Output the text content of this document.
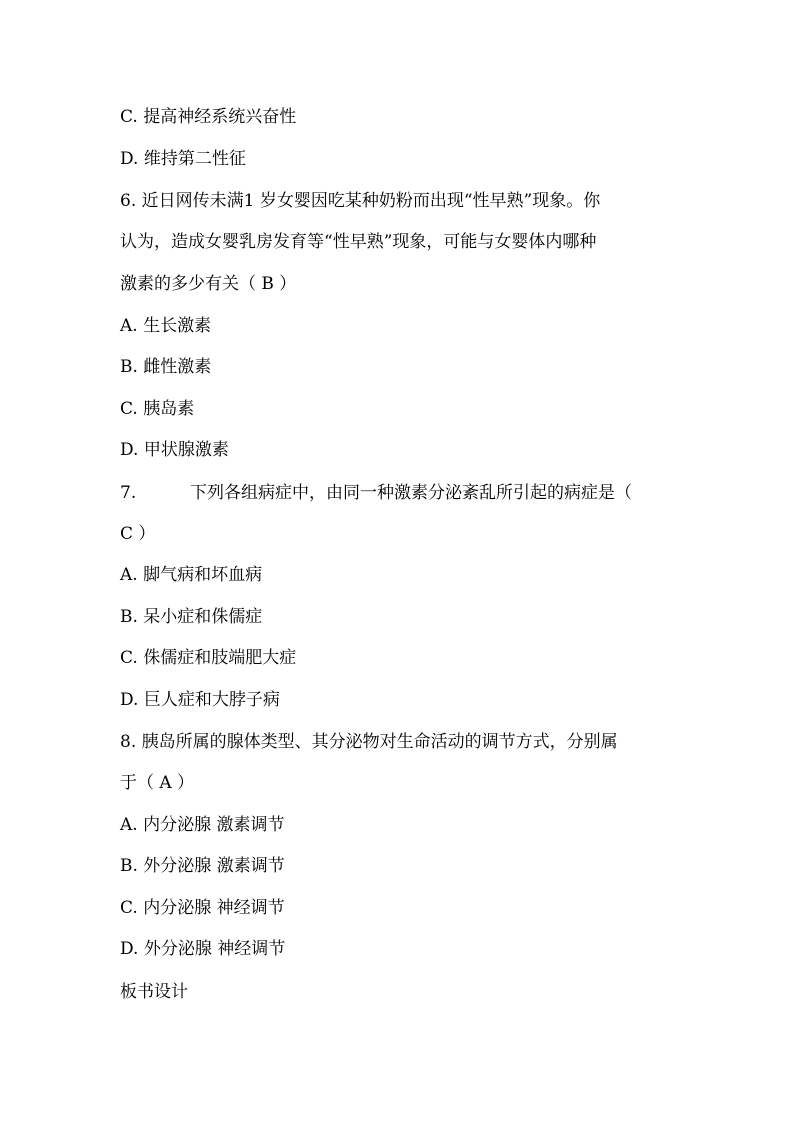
C. 提高神经系统兴奋性
D. 维持第二性征
6. 近日网传未满1 岁女婴因吃某种奶粉而出现“性早熟”现象。你
认为，造成女婴乳房发育等“性早熟”现象，可能与女婴体内哪种
激素的多少有关（ B ）
A. 生长激素
B. 雌性激素
C. 胰岛素
D. 甲状腺激素
7.	下列各组病症中，由同一种激素分泌紊乱所引起的病症是（
C ）
A. 脚气病和坏血病
B. 呆小症和侏儒症
C. 侏儒症和肢端肥大症
D. 巨人症和大脖子病
8. 胰岛所属的腺体类型、其分泌物对生命活动的调节方式，分别属
于（ A ）
A. 内分泌腺 激素调节
B. 外分泌腺 激素调节
C. 内分泌腺 神经调节
D. 外分泌腺 神经调节
板书设计
